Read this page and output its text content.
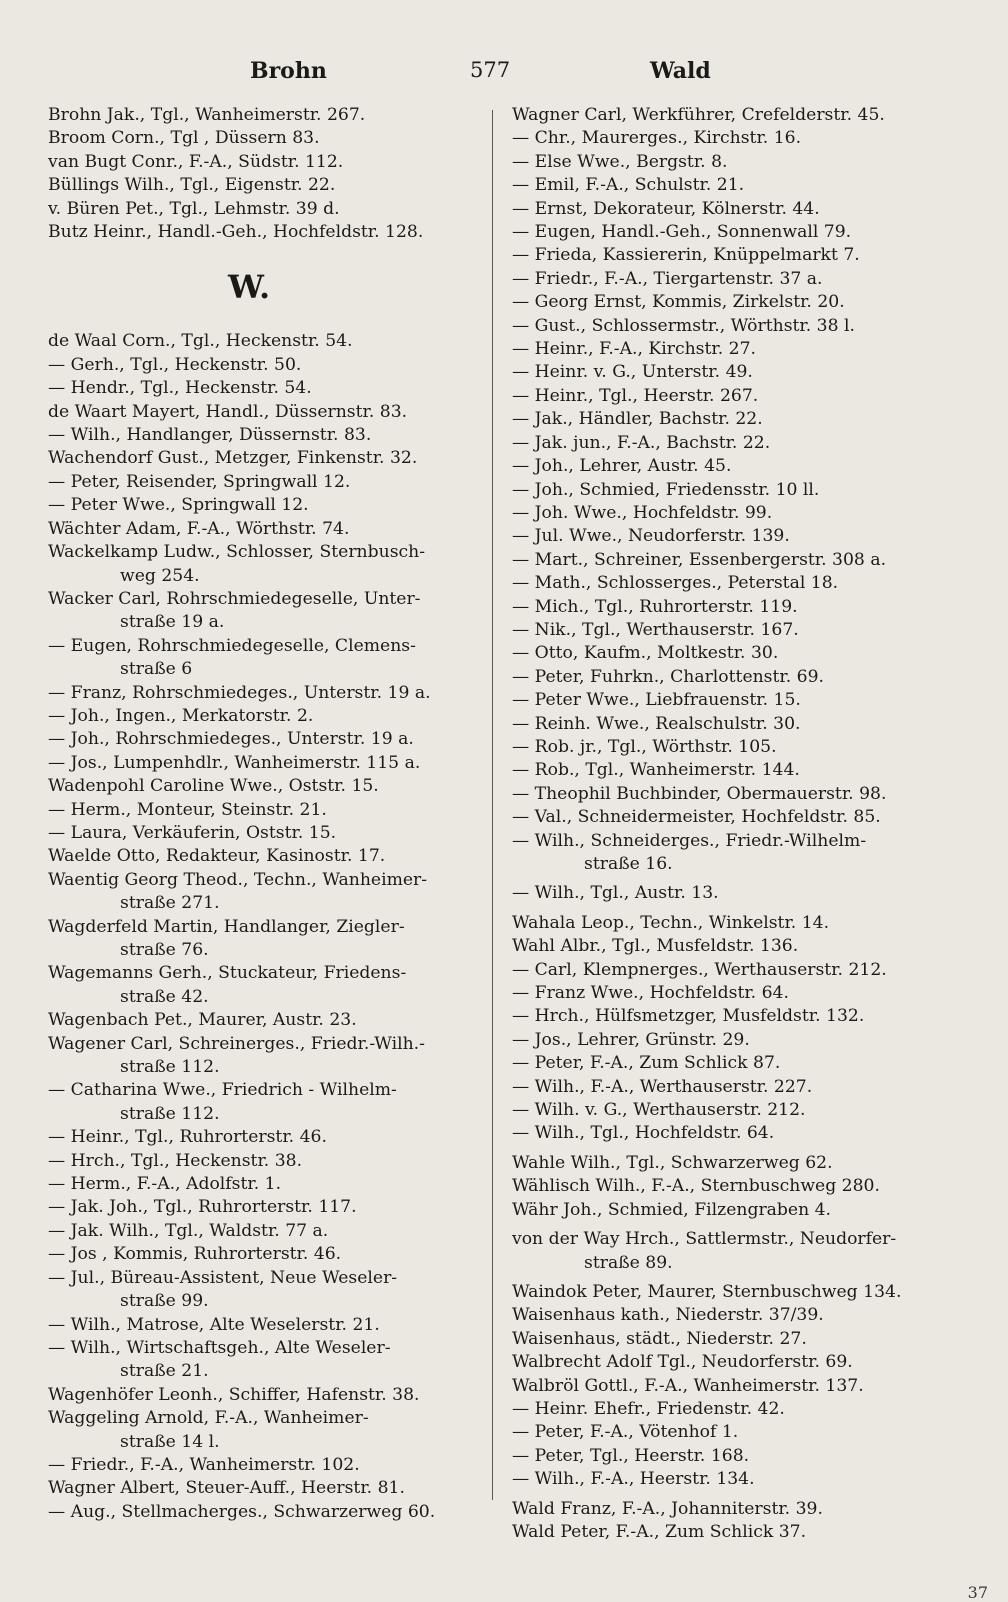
Brohn	577	Wald
Brohn Jak., Tgl., Wanheimerstr. 267.
Broom Corn., Tgl , Düssern 83.
van Bugt Conr., F.-A., Südstr. 112.
Büllings Wilh., Tgl., Eigenstr. 22.
v. Büren Pet., Tgl., Lehmstr. 39 d.
Butz Heinr., Handl.-Geh., Hochfeldstr. 128.
W.
de Waal Corn., Tgl., Heckenstr. 54.
— Gerh., Tgl., Heckenstr. 50.
— Hendr., Tgl., Heckenstr. 54.
de Waart Mayert, Handl., Düssernstr. 83.
— Wilh., Handlanger, Düssernstr. 83.
Wachendorf Gust., Metzger, Finkenstr. 32.
— Peter, Reisender, Springwall 12.
— Peter Wwe., Springwall 12.
Wächter Adam, F.-A., Wörthstr. 74.
Wackelkamp Ludw., Schlosser, Sternbusch-
weg 254.
Wacker Carl, Rohrschmiedegeselle, Unter-
straße 19 a.
— Eugen, Rohrschmiedegeselle, Clemens-
straße 6
— Franz, Rohrschmiedeges., Unterstr. 19 a.
— Joh., Ingen., Merkatorstr. 2.
— Joh., Rohrschmiedeges., Unterstr. 19 a.
— Jos., Lumpenhdlr., Wanheimerstr. 115 a.
Wadenpohl Caroline Wwe., Oststr. 15.
— Herm., Monteur, Steinstr. 21.
— Laura, Verkäuferin, Oststr. 15.
Waelde Otto, Redakteur, Kasinostr. 17.
Waentig Georg Theod., Techn., Wanheimer-
straße 271.
Wagderfeld Martin, Handlanger, Ziegler-
straße 76.
Wagemanns Gerh., Stuckateur, Friedens-
straße 42.
Wagenbach Pet., Maurer, Austr. 23.
Wagener Carl, Schreinerges., Friedr.-Wilh.-
straße 112.
— Catharina Wwe., Friedrich - Wilhelm-
straße 112.
— Heinr., Tgl., Ruhrorterstr. 46.
— Hrch., Tgl., Heckenstr. 38.
— Herm., F.-A., Adolfstr. 1.
— Jak. Joh., Tgl., Ruhrorterstr. 117.
— Jak. Wilh., Tgl., Waldstr. 77 a.
— Jos , Kommis, Ruhrorterstr. 46.
— Jul., Büreau-Assistent, Neue Weseler-
straße 99.
— Wilh., Matrose, Alte Weselerstr. 21.
— Wilh., Wirtschaftsgeh., Alte Weseler-
straße 21.
Wagenhöfer Leonh., Schiffer, Hafenstr. 38.
Waggeling Arnold, F.-A., Wanheimer-
straße 14 l.
— Friedr., F.-A., Wanheimerstr. 102.
Wagner Albert, Steuer-Auff., Heerstr. 81.
— Aug., Stellmacherges., Schwarzerweg 60.
Wagner Carl, Werkführer, Crefelderstr. 45.
— Chr., Maurerges., Kirchstr. 16.
— Else Wwe., Bergstr. 8.
— Emil, F.-A., Schulstr. 21.
— Ernst, Dekorateur, Kölnerstr. 44.
— Eugen, Handl.-Geh., Sonnenwall 79.
— Frieda, Kassiererin, Knüppelmarkt 7.
— Friedr., F.-A., Tiergartenstr. 37 a.
— Georg Ernst, Kommis, Zirkelstr. 20.
— Gust., Schlossermstr., Wörthstr. 38 l.
— Heinr., F.-A., Kirchstr. 27.
— Heinr. v. G., Unterstr. 49.
— Heinr., Tgl., Heerstr. 267.
— Jak., Händler, Bachstr. 22.
— Jak. jun., F.-A., Bachstr. 22.
— Joh., Lehrer, Austr. 45.
— Joh., Schmied, Friedensstr. 10 ll.
— Joh. Wwe., Hochfeldstr. 99.
— Jul. Wwe., Neudorferstr. 139.
— Mart., Schreiner, Essenbergerstr. 308 a.
— Math., Schlosserges., Peterstal 18.
— Mich., Tgl., Ruhrorterstr. 119.
— Nik., Tgl., Werthauserstr. 167.
— Otto, Kaufm., Moltkestr. 30.
— Peter, Fuhrkn., Charlottenstr. 69.
— Peter Wwe., Liebfrauenstr. 15.
— Reinh. Wwe., Realschulstr. 30.
— Rob. jr., Tgl., Wörthstr. 105.
— Rob., Tgl., Wanheimerstr. 144.
— Theophil Buchbinder, Obermauerstr. 98.
— Val., Schneidermeister, Hochfeldstr. 85.
— Wilh., Schneiderges., Friedr.-Wilhelm-
straße 16.
— Wilh., Tgl., Austr. 13.
Wahala Leop., Techn., Winkelstr. 14.
Wahl Albr., Tgl., Musfeldstr. 136.
— Carl, Klempnerges., Werthauserstr. 212.
— Franz Wwe., Hochfeldstr. 64.
— Hrch., Hülfsmetzger, Musfeldstr. 132.
— Jos., Lehrer, Grünstr. 29.
— Peter, F.-A., Zum Schlick 87.
— Wilh., F.-A., Werthauserstr. 227.
— Wilh. v. G., Werthauserstr. 212.
— Wilh., Tgl., Hochfeldstr. 64.
Wahle Wilh., Tgl., Schwarzerweg 62.
Wählisch Wilh., F.-A., Sternbuschweg 280.
Währ Joh., Schmied, Filzengraben 4.
von der Way Hrch., Sattlermstr., Neudorfer-
straße 89.
Waindok Peter, Maurer, Sternbuschweg 134.
Waisenhaus kath., Niederstr. 37/39.
Waisenhaus, städt., Niederstr. 27.
Walbrecht Adolf Tgl., Neudorferstr. 69.
Walbröl Gottl., F.-A., Wanheimerstr. 137.
— Heinr. Ehefr., Friedenstr. 42.
— Peter, F.-A., Vötenhof 1.
— Peter, Tgl., Heerstr. 168.
— Wilh., F.-A., Heerstr. 134.
Wald Franz, F.-A., Johanniterstr. 39.
Wald Peter, F.-A., Zum Schlick 37.
37
